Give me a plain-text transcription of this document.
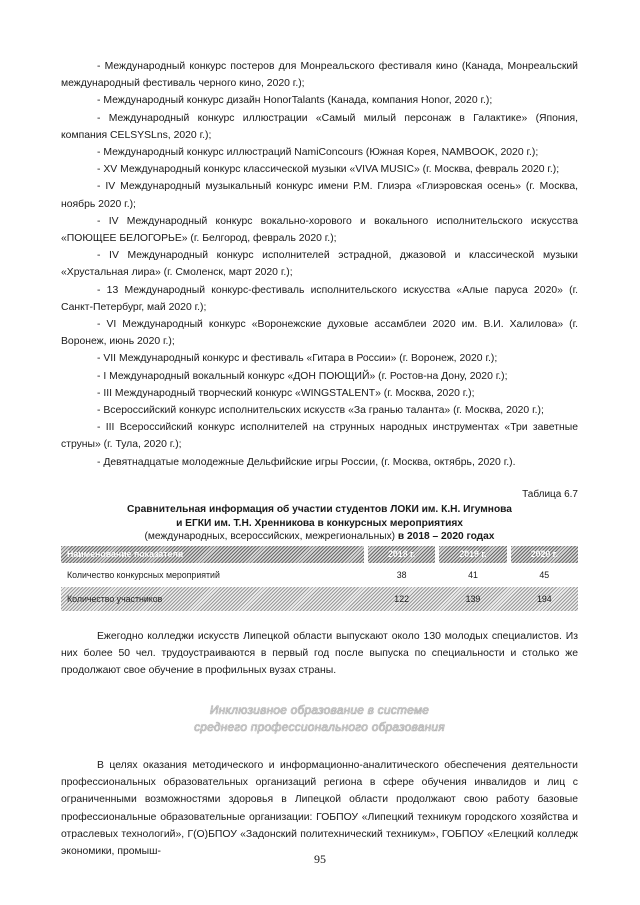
- Международный конкурс постеров для Монреальского фестиваля кино (Канада, Монреальский международный фестиваль черного кино, 2020 г.);

- Международный конкурс дизайн HonorTalants (Канада, компания Honor, 2020 г.);

- Международный конкурс иллюстрации «Самый милый персонаж в Галактике» (Япония, компания CELSYSLns, 2020 г.);

- Международный конкурс иллюстраций NamiConcours (Южная Корея, NAMBOOK, 2020 г.);

- XV Международный конкурс классической музыки «VIVA MUSIC» (г. Москва, февраль 2020 г.);

- IV Международный музыкальный конкурс имени Р.М. Глиэра «Глиэровская осень» (г. Москва, ноябрь 2020 г.);

- IV Международный конкурс вокально-хорового и вокального исполнительского искусства «ПОЮЩЕЕ БЕЛОГОРЬЕ» (г. Белгород, февраль 2020 г.);

- IV Международный конкурс исполнителей эстрадной, джазовой и классической музыки «Хрустальная лира» (г. Смоленск, март 2020 г.);

- 13 Международный конкурс-фестиваль исполнительского искусства «Алые паруса 2020» (г. Санкт-Петербург, май 2020 г.);

- VI Международный конкурс «Воронежские духовые ассамблеи 2020 им. В.И. Халилова» (г. Воронеж, июнь 2020 г.);

- VII Международный конкурс и фестиваль «Гитара в России» (г. Воронеж, 2020 г.);

- I Международный вокальный конкурс «ДОН ПОЮЩИЙ» (г. Ростов-на Дону, 2020 г.);

- III Международный творческий конкурс «WINGSTALENT» (г. Москва, 2020 г.);

- Всероссийский конкурс исполнительских искусств «За гранью таланта» (г. Москва, 2020 г.);

- III Всероссийский конкурс исполнителей на струнных народных инструментах «Три заветные струны» (г. Тула, 2020 г.);

- Девятнадцатые молодежные Дельфийские игры России, (г. Москва, октябрь, 2020 г.).

Таблица 6.7
Сравнительная информация об участии студентов ЛОКИ им. К.Н. Игумнова
и ЕГКИ им. Т.Н. Хренникова в конкурсных мероприятиях
(международных, всероссийских, межрегиональных) в 2018 – 2020 годах
Наименование показателя	2018 г.	2019 г.	2020 г.
Количество конкурсных мероприятий	38	41	45
Количество участников	122	139	194

Ежегодно колледжи искусств Липецкой области выпускают около 130 молодых специалистов. Из них более 50 чел. трудоустраиваются в первый год после выпуска по специальности и столько же продолжают свое обучение в профильных вузах страны.

Инклюзивное образование в системе
среднего профессионального образования

В целях оказания методического и информационно-аналитического обеспечения деятельности профессиональных образовательных организаций региона в сфере обучения инвалидов и лиц с ограниченными возможностями здоровья в Липецкой области продолжают свою работу базовые профессиональные образовательные организации: ГОБПОУ «Липецкий техникум городского хозяйства и отраслевых технологий», Г(О)БПОУ «Задонский политехнический техникум», ГОБПОУ «Елецкий колледж экономики, промыш-

95
